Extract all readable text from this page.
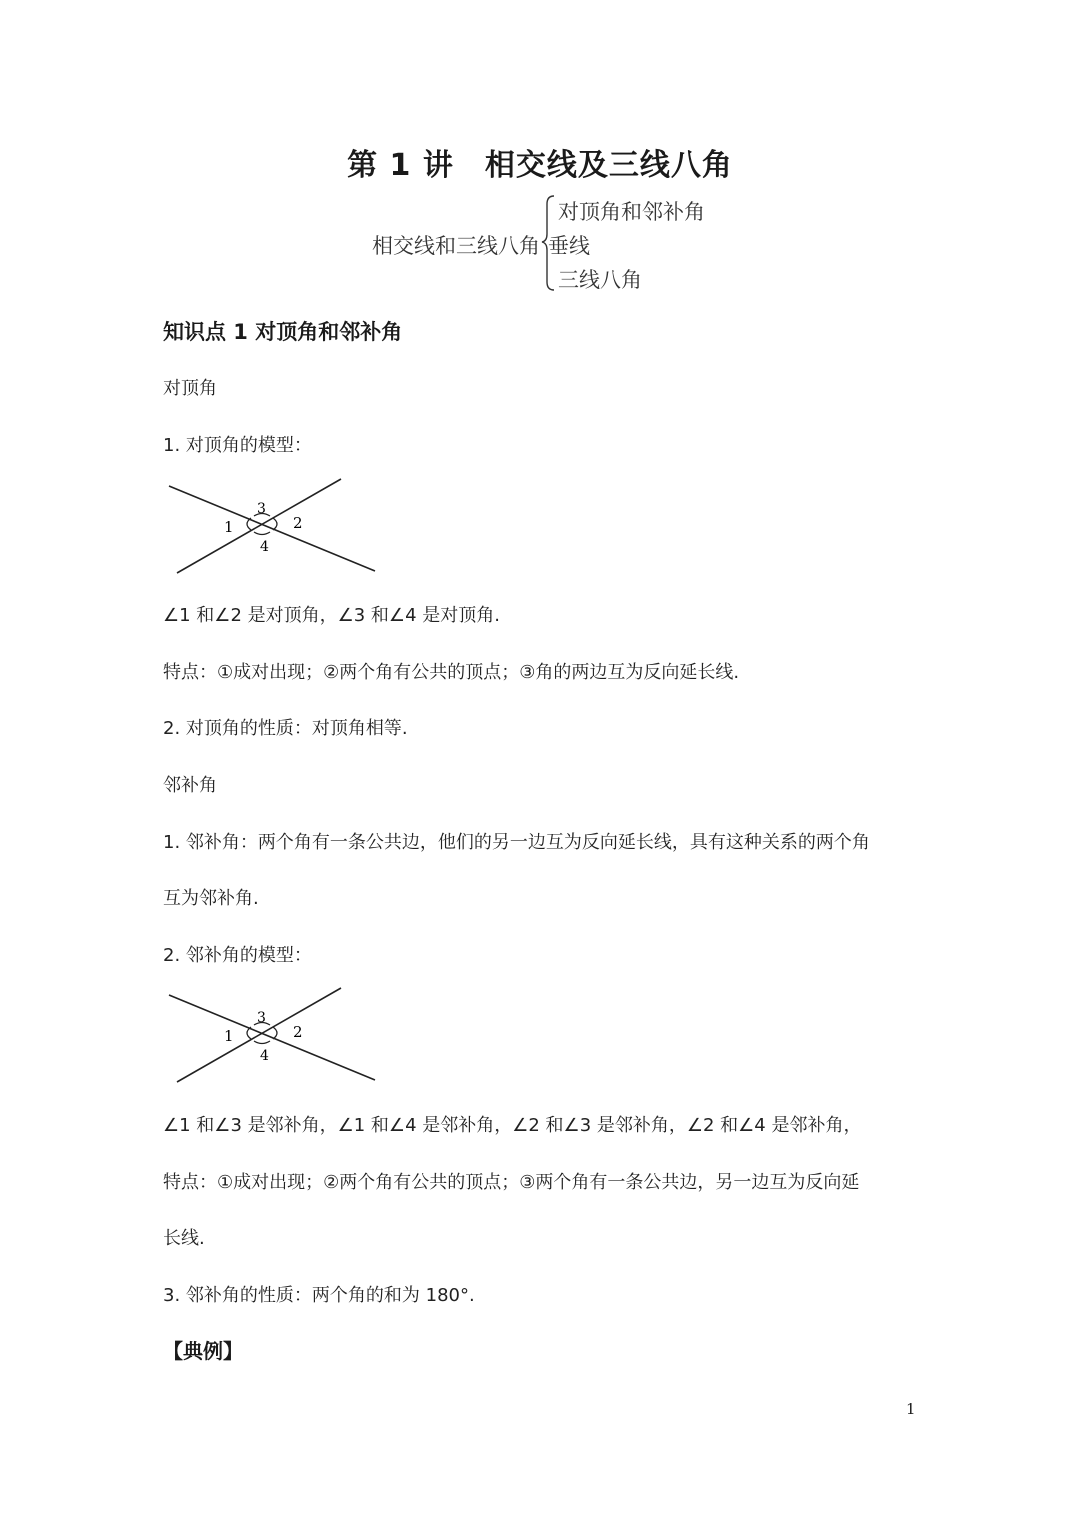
第 1 讲　相交线及三线八角
相交线和三线八角
对顶角和邻补角
垂线
三线八角
知识点 1 对顶角和邻补角
对顶角
1. 对顶角的模型：
1	2
3
4
∠1 和∠2 是对顶角，∠3 和∠4 是对顶角.
特点：①成对出现；②两个角有公共的顶点；③角的两边互为反向延长线.
2. 对顶角的性质：对顶角相等.
邻补角
1. 邻补角：两个角有一条公共边，他们的另一边互为反向延长线，具有这种关系的两个角
互为邻补角.
2. 邻补角的模型：
1	2
3
4
∠1 和∠3 是邻补角，∠1 和∠4 是邻补角，∠2 和∠3 是邻补角，∠2 和∠4 是邻补角，
特点：①成对出现；②两个角有公共的顶点；③两个角有一条公共边，另一边互为反向延
长线.
3. 邻补角的性质：两个角的和为 180°.
【典例】
1
